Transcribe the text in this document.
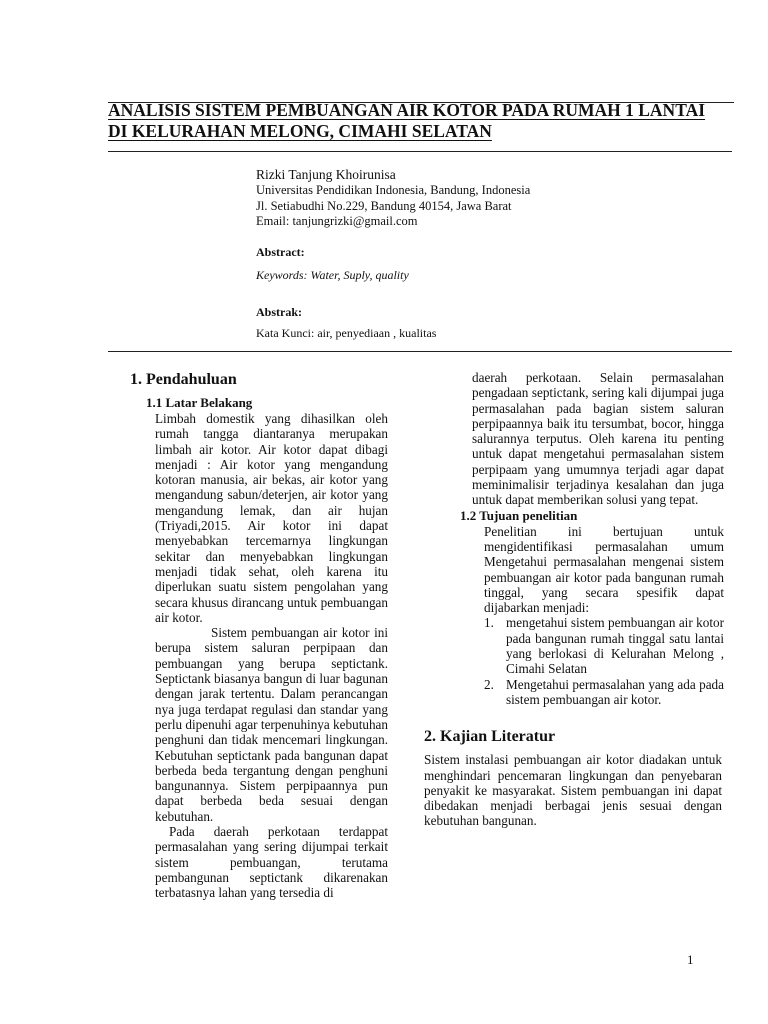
ANALISIS SISTEM PEMBUANGAN AIR KOTOR PADA RUMAH 1 LANTAI
DI KELURAHAN MELONG, CIMAHI SELATAN
Rizki Tanjung Khoirunisa
Universitas Pendidikan Indonesia, Bandung, Indonesia
Jl. Setiabudhi No.229, Bandung 40154, Jawa Barat
Email: tanjungrizki@gmail.com
Abstract:
Keywords: Water, Suply, quality
Abstrak:
Kata Kunci: air, penyediaan , kualitas
1. Pendahuluan
1.1 Latar Belakang

Limbah domestik yang dihasilkan oleh rumah tangga diantaranya merupakan limbah air kotor. Air kotor dapat dibagi menjadi : Air kotor yang mengandung kotoran manusia, air bekas, air kotor yang mengandung sabun/deterjen, air kotor yang mengandung lemak, dan air hujan (Triyadi,2015. Air kotor ini dapat menyebabkan tercemarnya lingkungan sekitar dan menyebabkan lingkungan menjadi tidak sehat, oleh karena itu diperlukan suatu sistem pengolahan yang secara khusus dirancang untuk pembuangan air kotor.

Sistem pembuangan air kotor ini berupa sistem saluran perpipaan dan pembuangan yang berupa septictank. Septictank biasanya bangun di luar bagunan dengan jarak tertentu. Dalam perancangan nya juga terdapat regulasi dan standar yang perlu dipenuhi agar terpenuhinya kebutuhan penghuni dan tidak mencemari lingkungan. Kebutuhan septictank pada bangunan dapat berbeda beda tergantung dengan penghuni bangunannya. Sistem perpipaannya pun dapat berbeda beda sesuai dengan kebutuhan.

Pada daerah perkotaan terdappat permasalahan yang sering dijumpai terkait sistem pembuangan, terutama pembangunan septictank dikarenakan terbatasnya lahan yang tersedia di

daerah perkotaan. Selain permasalahan pengadaan septictank, sering kali dijumpai juga permasalahan pada bagian sistem saluran perpipaannya baik itu tersumbat, bocor, hingga salurannya terputus. Oleh karena itu penting untuk dapat mengetahui permasalahan sistem perpipaam yang umumnya terjadi agar dapat meminimalisir terjadinya kesalahan dan juga untuk dapat memberikan solusi yang tepat.

1.2 Tujuan penelitian

Penelitian ini bertujuan untuk mengidentifikasi permasalahan umum Mengetahui permasalahan mengenai sistem pembuangan air kotor pada bangunan rumah tinggal, yang secara spesifik dapat dijabarkan menjadi:

1. mengetahui sistem pembuangan air kotor pada bangunan rumah tinggal satu lantai yang berlokasi di Kelurahan Melong , Cimahi Selatan
2. Mengetahui permasalahan yang ada pada sistem pembuangan air kotor.
2. Kajian Literatur

Sistem instalasi pembuangan air kotor diadakan untuk menghindari pencemaran lingkungan dan penyebaran penyakit ke masyarakat. Sistem pembuangan ini dapat dibedakan menjadi berbagai jenis sesuai dengan kebutuhan bangunan.

1
